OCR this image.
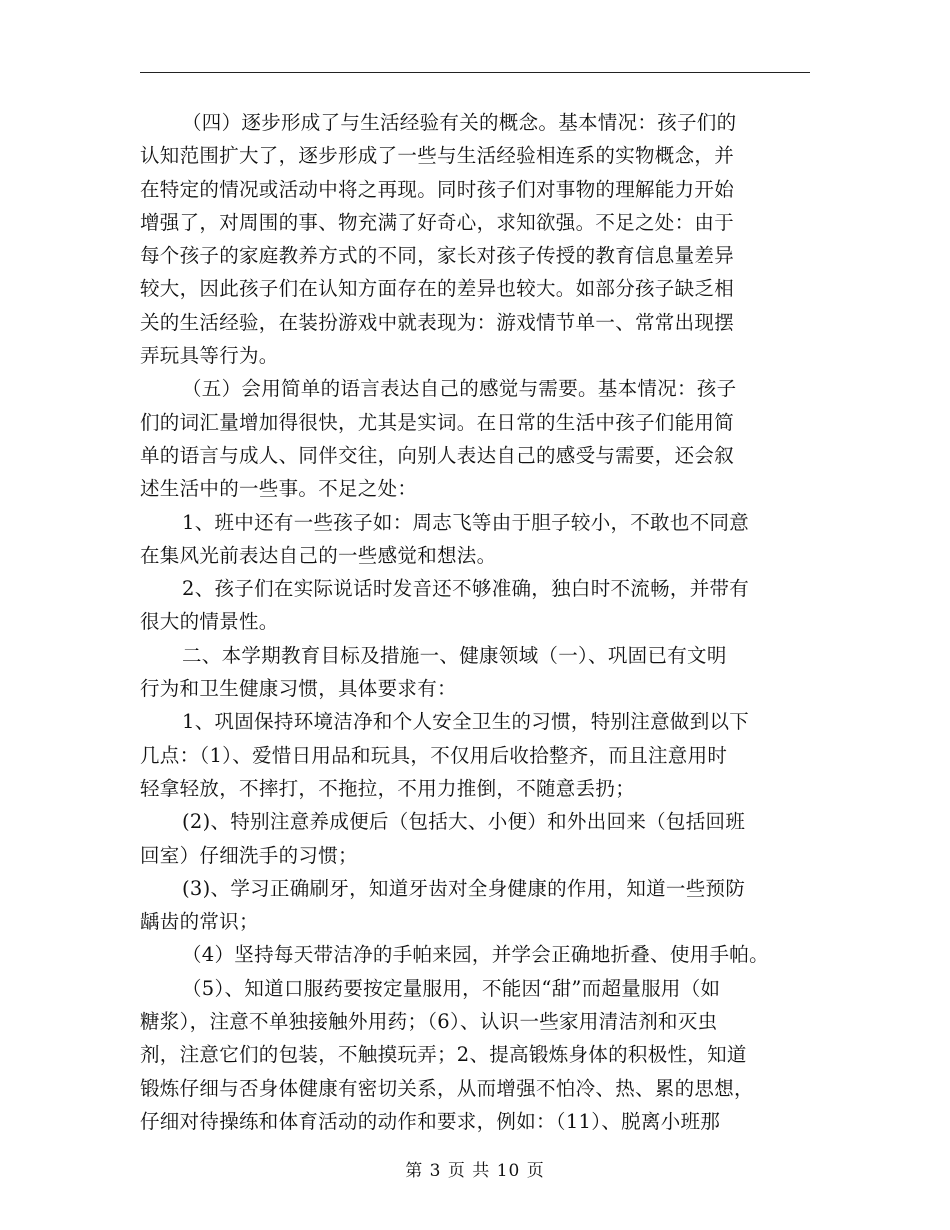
（四）逐步形成了与生活经验有关的概念。基本情况：孩子们的
认知范围扩大了，逐步形成了一些与生活经验相连系的实物概念，并
在特定的情况或活动中将之再现。同时孩子们对事物的理解能力开始
增强了，对周围的事、物充满了好奇心，求知欲强。不足之处：由于
每个孩子的家庭教养方式的不同，家长对孩子传授的教育信息量差异
较大，因此孩子们在认知方面存在的差异也较大。如部分孩子缺乏相
关的生活经验，在装扮游戏中就表现为：游戏情节单一、常常出现摆
弄玩具等行为。
（五）会用简单的语言表达自己的感觉与需要。基本情况：孩子
们的词汇量增加得很快，尤其是实词。在日常的生活中孩子们能用简
单的语言与成人、同伴交往，向别人表达自己的感受与需要，还会叙
述生活中的一些事。不足之处：
1、班中还有一些孩子如：周志飞等由于胆子较小，不敢也不同意
在集风光前表达自己的一些感觉和想法。
2、孩子们在实际说话时发音还不够准确，独白时不流畅，并带有
很大的情景性。
二、本学期教育目标及措施一、健康领域（一）、巩固已有文明
行为和卫生健康习惯，具体要求有：
1、巩固保持环境洁净和个人安全卫生的习惯，特别注意做到以下
几点：（1）、爱惜日用品和玩具，不仅用后收拾整齐，而且注意用时
轻拿轻放，不摔打，不拖拉，不用力推倒，不随意丢扔；
(2)、特别注意养成便后（包括大、小便）和外出回来（包括回班
回室）仔细洗手的习惯；
(3)、学习正确刷牙，知道牙齿对全身健康的作用，知道一些预防
龋齿的常识；
（4）坚持每天带洁净的手帕来园，并学会正确地折叠、使用手帕。
（5）、知道口服药要按定量服用，不能因“甜”而超量服用（如
糖浆），注意不单独接触外用药；（6）、认识一些家用清洁剂和灭虫
剂，注意它们的包装，不触摸玩弄；2、提高锻炼身体的积极性，知道
锻炼仔细与否身体健康有密切关系，从而增强不怕冷、热、累的思想，
仔细对待操练和体育活动的动作和要求，例如：（11）、脱离小班那
第 3 页 共 10 页
